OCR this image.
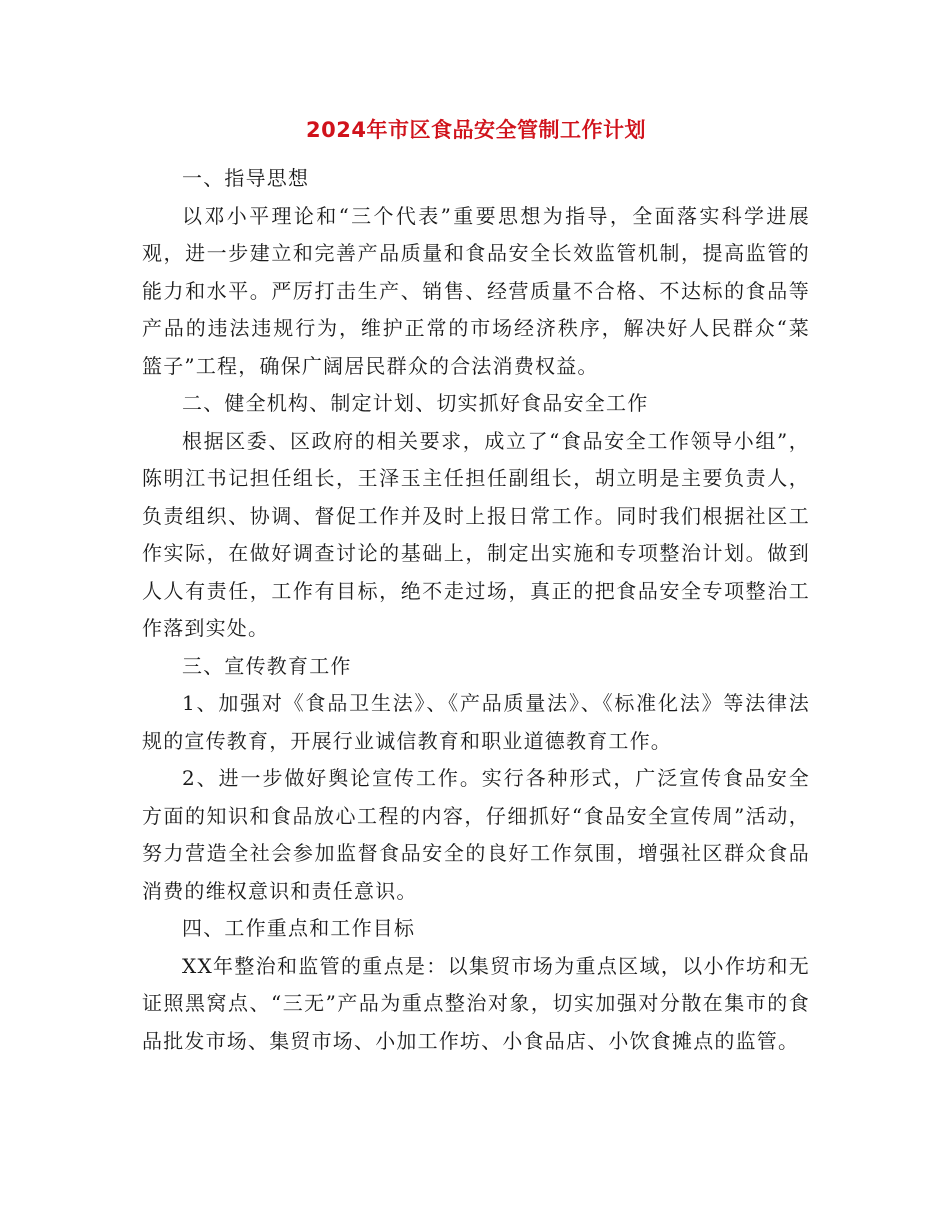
2024年市区食品安全管制工作计划

一、指导思想

以邓小平理论和“三个代表”重要思想为指导，全面落实科学进展观，进一步建立和完善产品质量和食品安全长效监管机制，提高监管的能力和水平。严厉打击生产、销售、经营质量不合格、不达标的食品等产品的违法违规行为，维护正常的市场经济秩序，解决好人民群众“菜篮子”工程，确保广阔居民群众的合法消费权益。

二、健全机构、制定计划、切实抓好食品安全工作

根据区委、区政府的相关要求，成立了“食品安全工作领导小组”，陈明江书记担任组长，王泽玉主任担任副组长，胡立明是主要负责人，负责组织、协调、督促工作并及时上报日常工作。同时我们根据社区工作实际，在做好调查讨论的基础上，制定出实施和专项整治计划。做到人人有责任，工作有目标，绝不走过场，真正的把食品安全专项整治工作落到实处。

三、宣传教育工作

1、加强对《食品卫生法》、《产品质量法》、《标准化法》等法律法规的宣传教育，开展行业诚信教育和职业道德教育工作。

2、进一步做好舆论宣传工作。实行各种形式，广泛宣传食品安全方面的知识和食品放心工程的内容，仔细抓好“食品安全宣传周”活动，努力营造全社会参加监督食品安全的良好工作氛围，增强社区群众食品消费的维权意识和责任意识。

四、工作重点和工作目标

XX年整治和监管的重点是：以集贸市场为重点区域，以小作坊和无证照黑窝点、“三无”产品为重点整治对象，切实加强对分散在集市的食品批发市场、集贸市场、小加工作坊、小食品店、小饮食摊点的监管。
